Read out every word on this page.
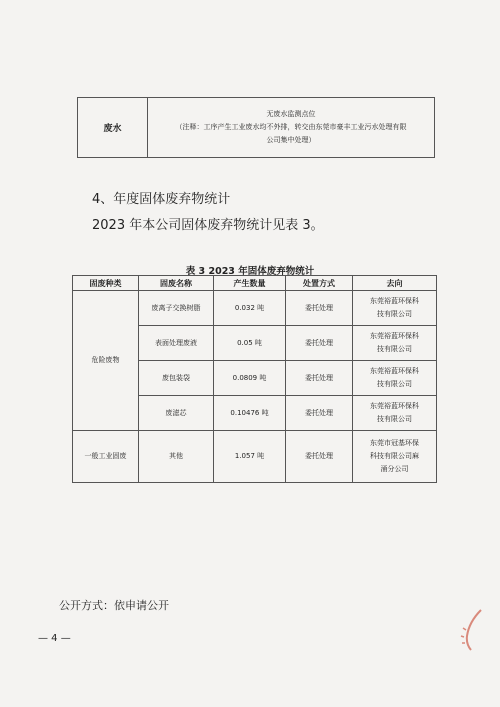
废水
无废水监测点位
（注释：工序产生工业废水均不外排，转交由东莞市豪丰工业污水处理有限
公司集中处理）
4、年度固体废弃物统计
2023 年本公司固体废弃物统计见表 3。
表 3 2023 年固体废弃物统计
固废种类	固废名称	产生数量	处置方式	去向
危险废物	废离子交换树脂	0.032 吨	委托处理	东莞裕蓝环保科
技有限公司

	表面处理废液	0.05 吨	委托处理	东莞裕蓝环保科
技有限公司

	废包装袋	0.0809 吨	委托处理	东莞裕蓝环保科
技有限公司

	废滤芯	0.10476 吨	委托处理	东莞裕蓝环保科
技有限公司

一般工业固废	其他	1.057 吨	委托处理	东莞市冠基环保
科技有限公司麻
涌分公司
公开方式：依申请公开
— 4 —
